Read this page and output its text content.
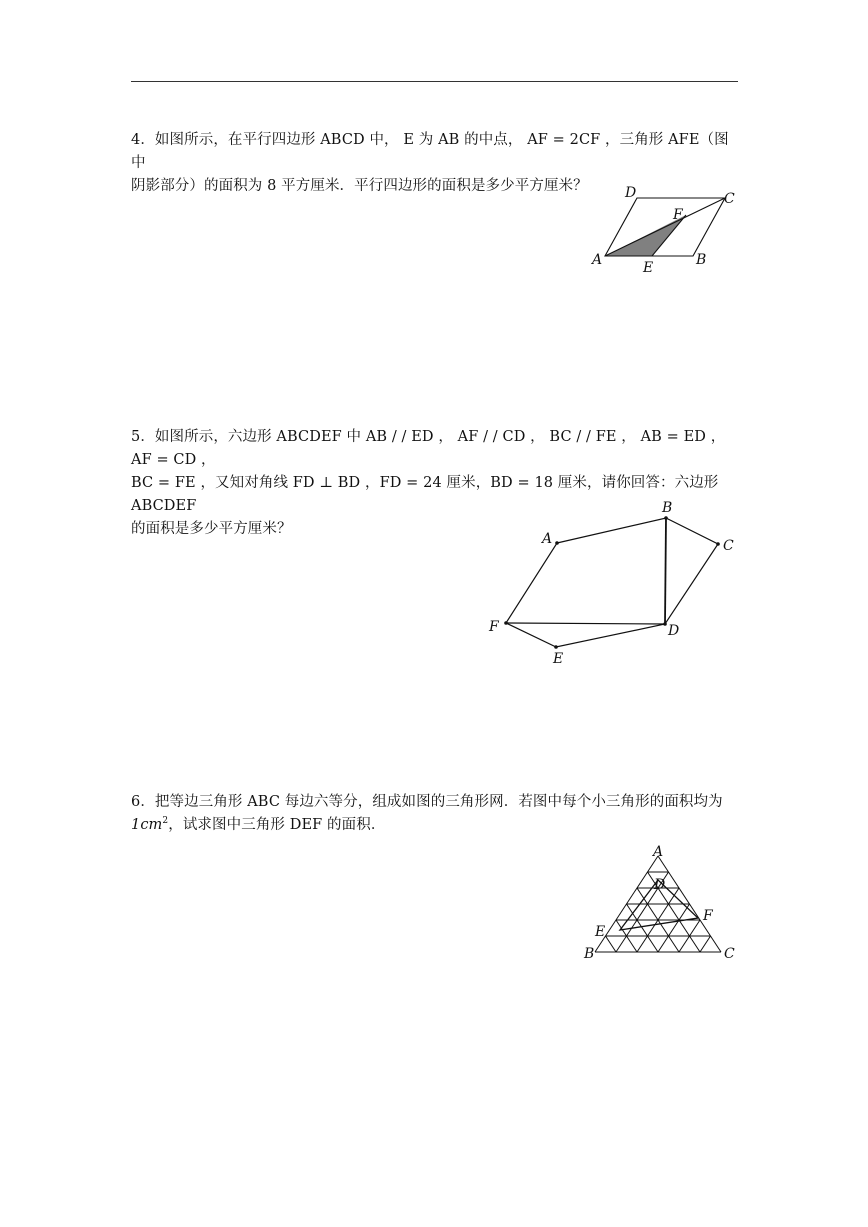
4．如图所示，在平行四边形 ABCD 中， E 为 AB 的中点， AF = 2CF ，三角形 AFE（图中

阴影部分）的面积为 8 平方厘米．平行四边形的面积是多少平方厘米？

A	B
C
D
E
F

5．如图所示，六边形 ABCDEF 中 AB / / ED ， AF / / CD ， BC / / FE ， AB = ED ， AF = CD ，

BC = FE ，又知对角线 FD ⊥ BD ，FD = 24 厘米，BD = 18 厘米，请你回答：六边形 ABCDEF

的面积是多少平方厘米？

A
B
C
D
E
F

6．把等边三角形 ABC 每边六等分，组成如图的三角形网．若图中每个小三角形的面积均为

$1cm^2$，试求图中三角形 DEF 的面积．

A
B	C
D
E
F
